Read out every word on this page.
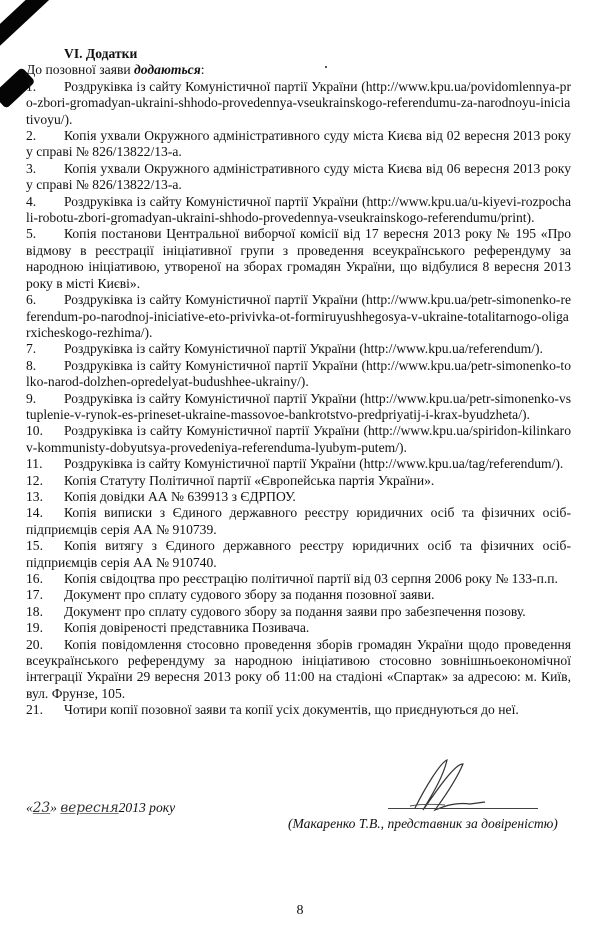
VI. Додатки
До позовної заяви додаються:
1. Роздруківка із сайту Комуністичної партії України (http://www.kpu.ua/povidomlennya-pro-zbori-gromadyan-ukraini-shhodo-provedennya-vseukrainskogo-referendumu-za-narodnoyu-iniciativoyu/).
2. Копія ухвали Окружного адміністративного суду міста Києва від 02 вересня 2013 року у справі № 826/13822/13-а.
3. Копія ухвали Окружного адміністративного суду міста Києва від 06 вересня 2013 року у справі № 826/13822/13-а.
4. Роздруківка із сайту Комуністичної партії України (http://www.kpu.ua/u-kiyevi-rozpochali-robotu-zbori-gromadyan-ukraini-shhodo-provedennya-vseukrainskogo-referendumu/print).
5. Копія постанови Центральної виборчої комісії від 17 вересня 2013 року № 195 «Про відмову в реєстрації ініціативної групи з проведення всеукраїнського референдуму за народною ініціативою, утвореної на зборах громадян України, що відбулися 8 вересня 2013 року в місті Києві».
6. Роздруківка із сайту Комуністичної партії України (http://www.kpu.ua/petr-simonenko-referendum-po-narodnoj-iniciative-eto-privivka-ot-formiruyushhegosya-v-ukraine-totalitarnogo-oligarxicheskogo-rezhima/).
7. Роздруківка із сайту Комуністичної партії України (http://www.kpu.ua/referendum/).
8. Роздруківка із сайту Комуністичної партії України (http://www.kpu.ua/petr-simonenko-tolko-narod-dolzhen-opredelyat-budushhee-ukrainy/).
9. Роздруківка із сайту Комуністичної партії України (http://www.kpu.ua/petr-simonenko-vstuplenie-v-rynok-es-prineset-ukraine-massovoe-bankrotstvo-predpriyatij-i-krax-byudzheta/).
10. Роздруківка із сайту Комуністичної партії України (http://www.kpu.ua/spiridon-kilinkarov-kommunisty-dobyutsya-provedeniya-referenduma-lyubym-putem/).
11. Роздруківка із сайту Комуністичної партії України (http://www.kpu.ua/tag/referendum/).
12. Копія Статуту Політичної партії «Європейська партія України».
13. Копія довідки АА № 639913 з ЄДРПОУ.
14. Копія виписки з Єдиного державного реєстру юридичних осіб та фізичних осіб-підприємців серія АА № 910739.
15. Копія витягу з Єдиного державного реєстру юридичних осіб та фізичних осіб-підприємців серія АА № 910740.
16. Копія свідоцтва про реєстрацію політичної партії від 03 серпня 2006 року № 133-п.п.
17. Документ про сплату судового збору за подання позовної заяви.
18. Документ про сплату судового збору за подання заяви про забезпечення позову.
19. Копія довіреності представника Позивача.
20. Копія повідомлення стосовно проведення зборів громадян України щодо проведення всеукраїнського референдуму за народною ініціативою стосовно зовнішньоекономічної інтеграції України 29 вересня 2013 року об 11:00 на стадіоні «Спартак» за адресою: м. Київ, вул. Фрунзе, 105.
21. Чотири копії позовної заяви та копії усіх документів, що приєднуються до неї.
«23» вересня2013 року
(Макаренко Т.В., представник за довіреністю)
8
